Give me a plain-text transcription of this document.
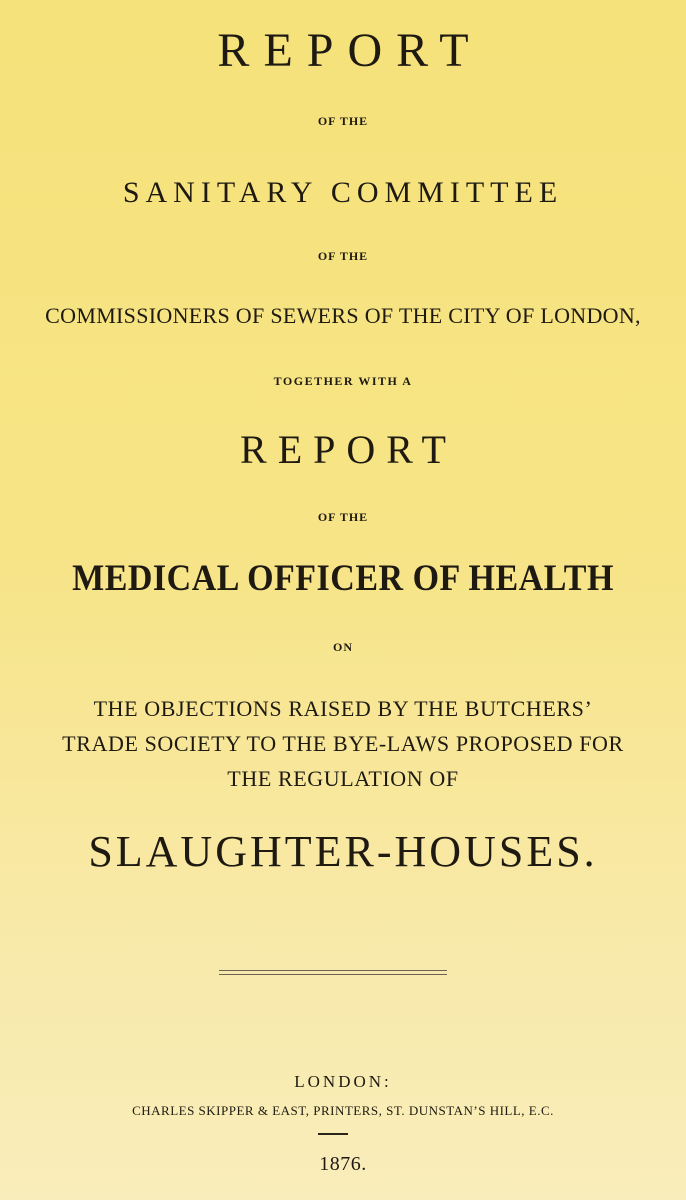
REPORT
OF THE
SANITARY COMMITTEE
OF THE
COMMISSIONERS OF SEWERS OF THE CITY OF LONDON,
TOGETHER WITH A
REPORT
OF THE
MEDICAL OFFICER OF HEALTH
ON
THE OBJECTIONS RAISED BY THE BUTCHERS’
TRADE SOCIETY TO THE BYE-LAWS PROPOSED FOR
THE REGULATION OF
SLAUGHTER-HOUSES.
LONDON:
CHARLES SKIPPER & EAST, PRINTERS, ST. DUNSTAN’S HILL, E.C.
1876.
